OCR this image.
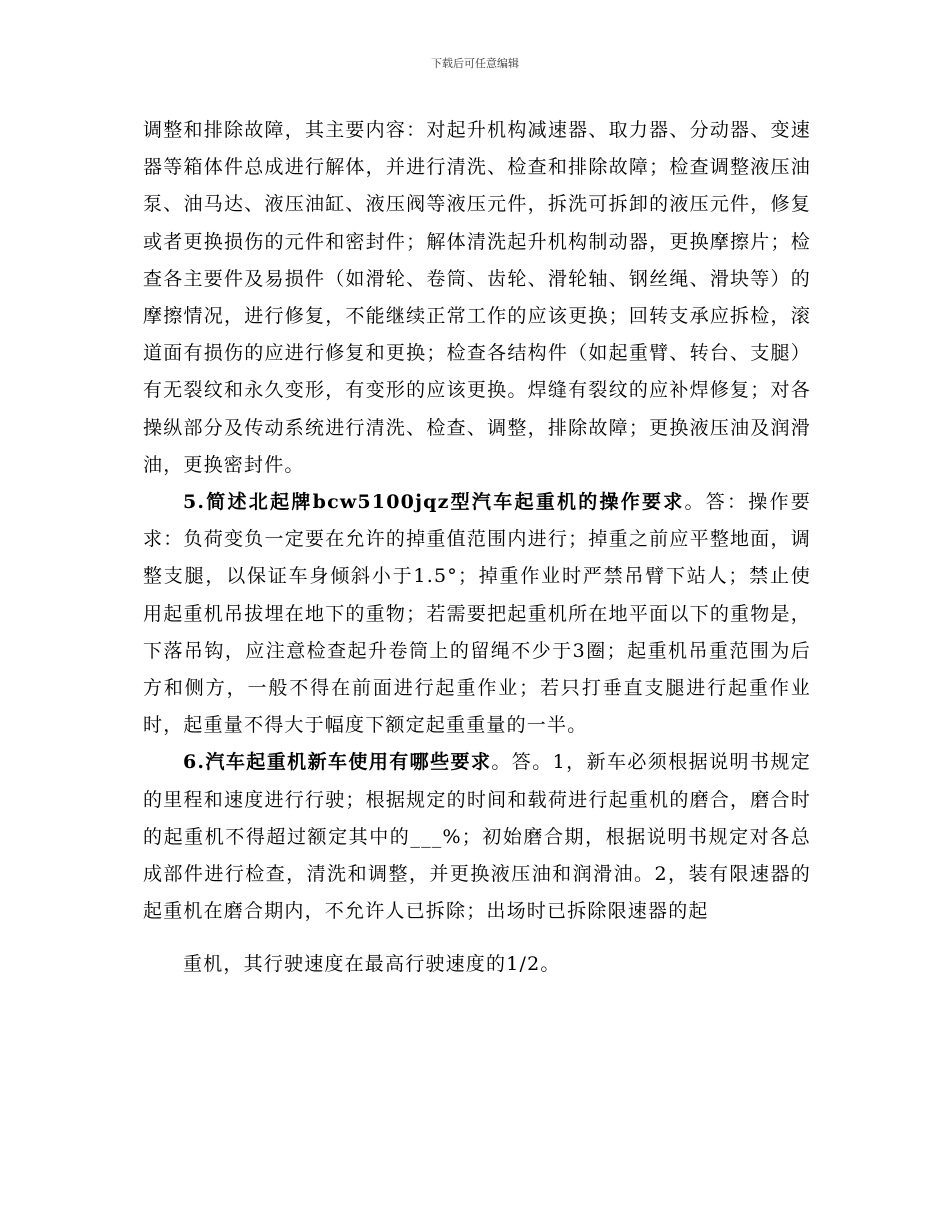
下载后可任意编辑

调整和排除故障，其主要内容：对起升机构减速器、取力器、分动器、变速器等箱体件总成进行解体，并进行清洗、检查和排除故障；检查调整液压油泵、油马达、液压油缸、液压阀等液压元件，拆洗可拆卸的液压元件，修复或者更换损伤的元件和密封件；解体清洗起升机构制动器，更换摩擦片；检查各主要件及易损件（如滑轮、卷筒、齿轮、滑轮轴、钢丝绳、滑块等）的摩擦情况，进行修复，不能继续正常工作的应该更换；回转支承应拆检，滚道面有损伤的应进行修复和更换；检查各结构件（如起重臂、转台、支腿）有无裂纹和永久变形，有变形的应该更换。焊缝有裂纹的应补焊修复；对各操纵部分及传动系统进行清洗、检查、调整，排除故障；更换液压油及润滑油，更换密封件。

5.简述北起牌bcw5100jqz型汽车起重机的操作要求。答：操作要求：负荷变负一定要在允许的掉重值范围内进行；掉重之前应平整地面，调整支腿，以保证车身倾斜小于1.5°；掉重作业时严禁吊臂下站人；禁止使用起重机吊拔埋在地下的重物；若需要把起重机所在地平面以下的重物是，下落吊钩，应注意检查起升卷筒上的留绳不少于3圈；起重机吊重范围为后方和侧方，一般不得在前面进行起重作业；若只打垂直支腿进行起重作业时，起重量不得大于幅度下额定起重重量的一半。

6.汽车起重机新车使用有哪些要求。答。1，新车必须根据说明书规定的里程和速度进行行驶；根据规定的时间和载荷进行起重机的磨合，磨合时的起重机不得超过额定其中的___%；初始磨合期，根据说明书规定对各总成部件进行检查，清洗和调整，并更换液压油和润滑油。2，装有限速器的起重机在磨合期内，不允许人已拆除；出场时已拆除限速器的起

重机，其行驶速度在最高行驶速度的1/2。
